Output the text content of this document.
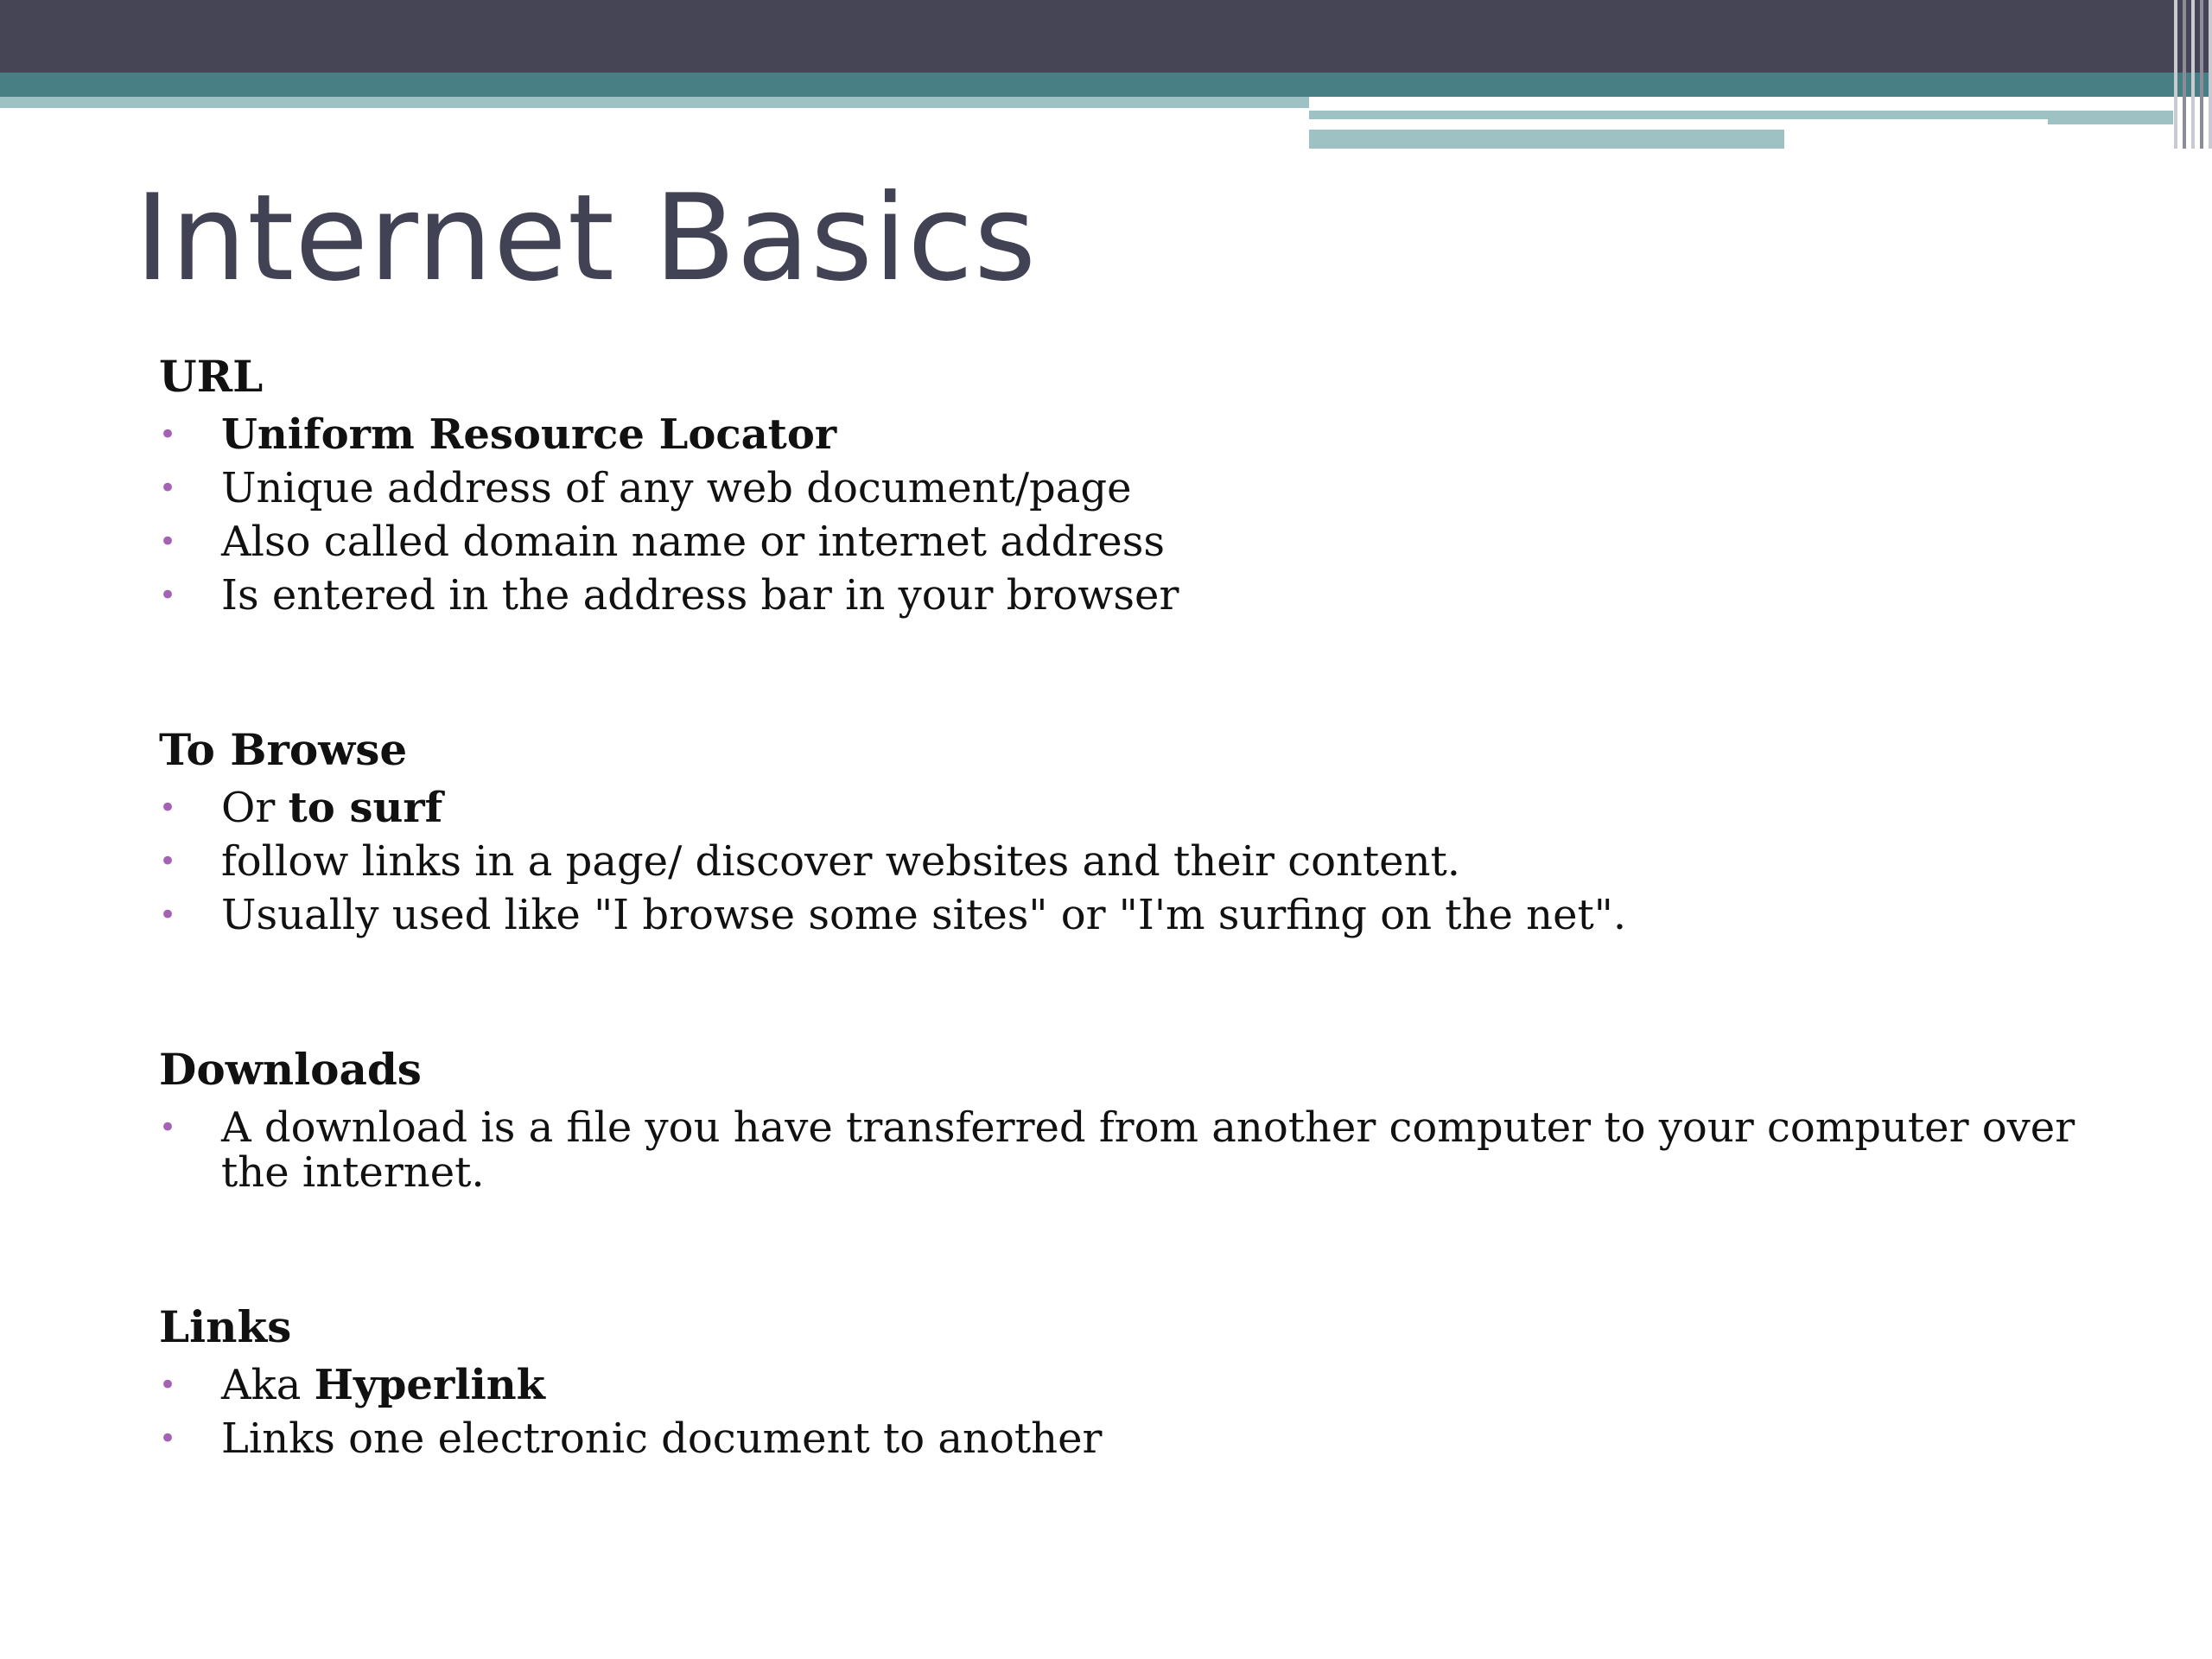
Internet Basics

URL

• Uniform Resource Locator
• Unique address of any web document/page
• Also called domain name or internet address
• Is entered in the address bar in your browser

To Browse

• Or to surf
• follow links in a page/ discover websites and their content.
• Usually used like "I browse some sites" or "I'm surfing on the net".

Downloads

• A download is a file you have transferred from another computer to your computer over the internet.

Links

• Aka Hyperlink
• Links one electronic document to another
